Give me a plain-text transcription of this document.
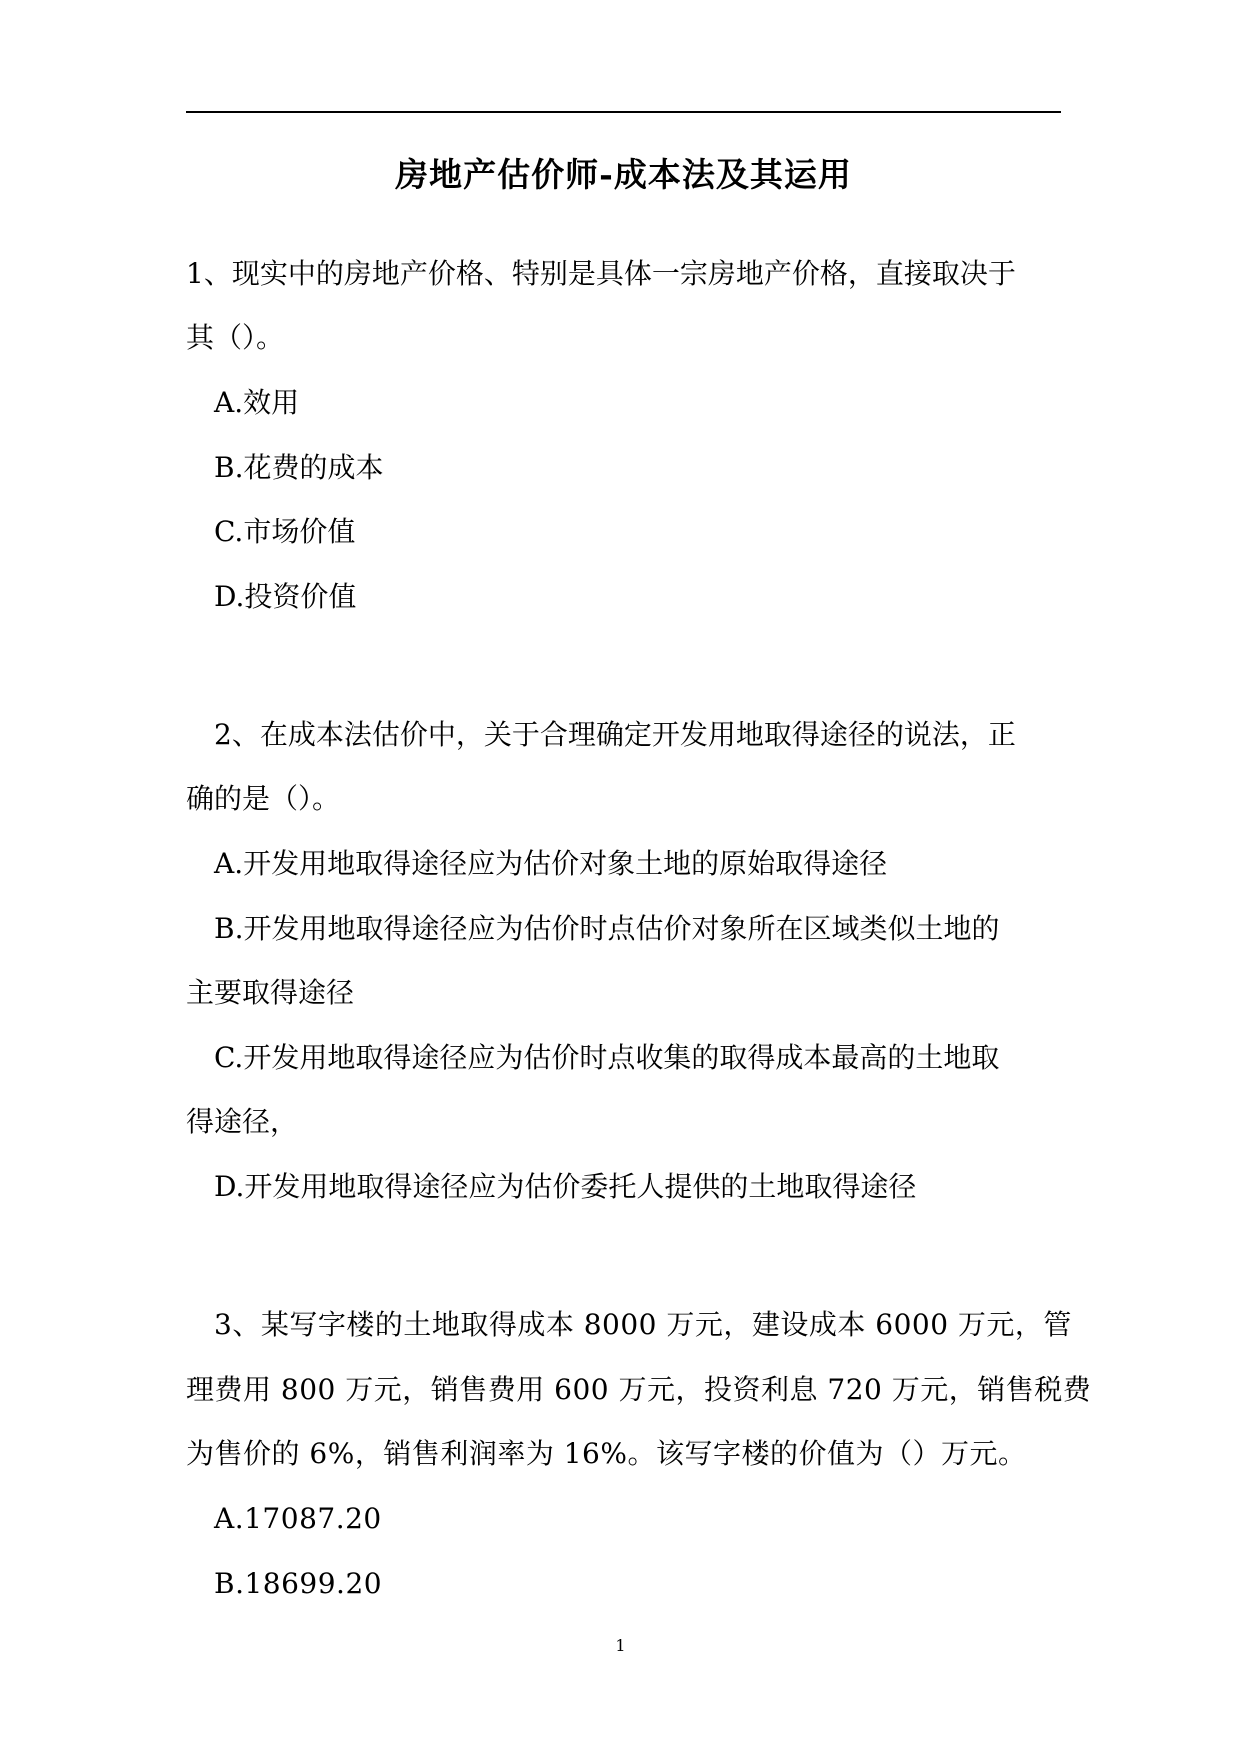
房地产估价师-成本法及其运用
1、现实中的房地产价格、特别是具体一宗房地产价格，直接取决于
其（）。
A.效用
B.花费的成本
C.市场价值
D.投资价值
2、在成本法估价中，关于合理确定开发用地取得途径的说法，正
确的是（）。
A.开发用地取得途径应为估价对象土地的原始取得途径
B.开发用地取得途径应为估价时点估价对象所在区域类似土地的
主要取得途径
C.开发用地取得途径应为估价时点收集的取得成本最高的土地取
得途径，
D.开发用地取得途径应为估价委托人提供的土地取得途径
3、某写字楼的土地取得成本 8000 万元，建设成本 6000 万元，管
理费用 800 万元，销售费用 600 万元，投资利息 720 万元，销售税费
为售价的 6%，销售利润率为 16%。该写字楼的价值为（）万元。
A.17087.20
B.18699.20
1
